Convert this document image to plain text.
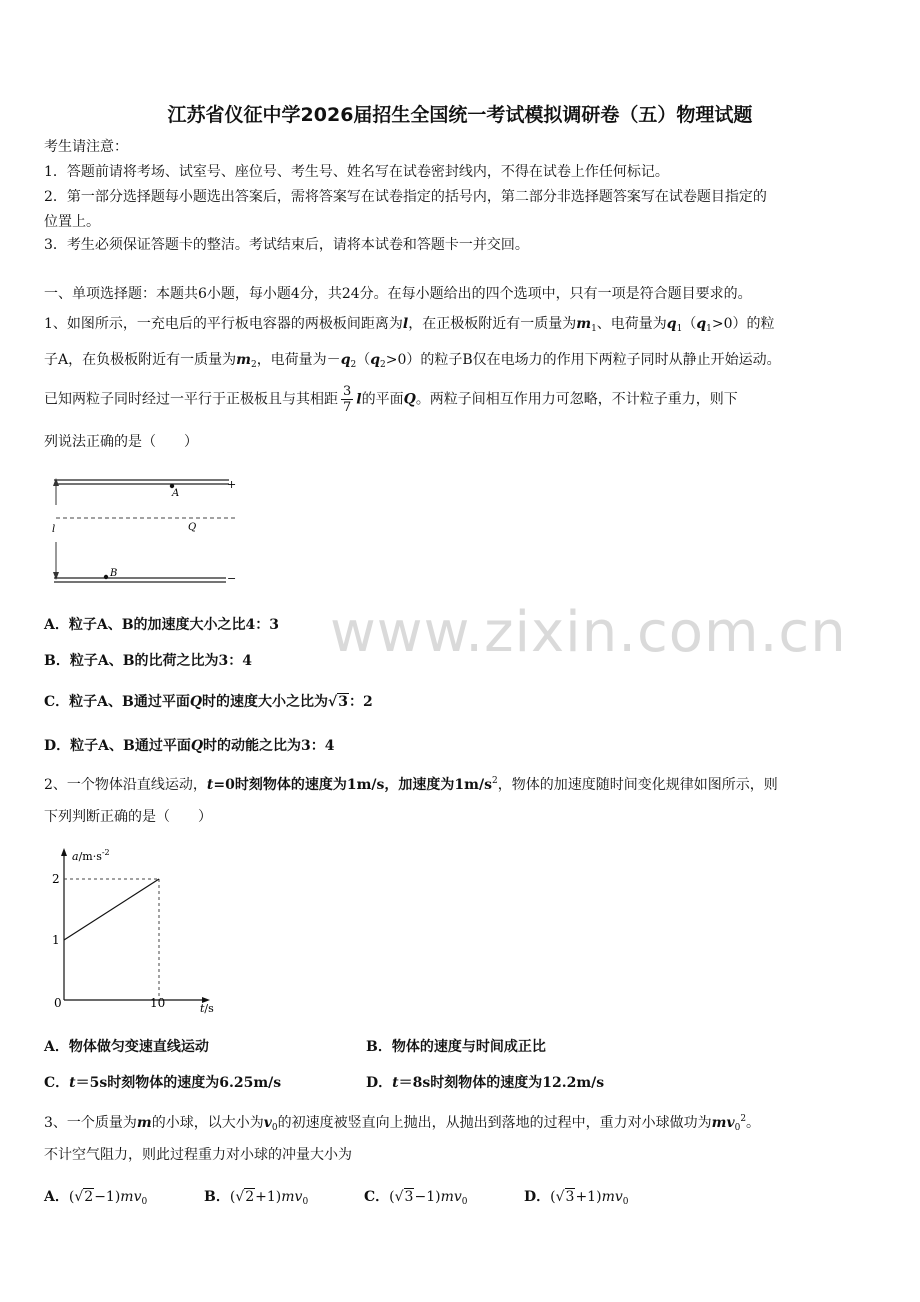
江苏省仪征中学2026届招生全国统一考试模拟调研卷（五）物理试题
考生请注意：
1．答题前请将考场、试室号、座位号、考生号、姓名写在试卷密封线内，不得在试卷上作任何标记。
2．第一部分选择题每小题选出答案后，需将答案写在试卷指定的括号内，第二部分非选择题答案写在试卷题目指定的
位置上。
3．考生必须保证答题卡的整洁。考试结束后，请将本试卷和答题卡一并交回。
一、单项选择题：本题共6小题，每小题4分，共24分。在每小题给出的四个选项中，只有一项是符合题目要求的。
1、如图所示，一充电后的平行板电容器的两极板间距离为l，在正极板附近有一质量为$m_1$、电荷量为$q_1(q_1>0)$的粒
子A，在负极板附近有一质量为$m_2$，电荷量为$-q_2(q_2>0)$的粒子B仅在电场力的作用下两粒子同时从静止开始运动。
已知两粒子同时经过一平行于正极板且与其相距 $\frac{3}{7}$ l的平面Q。两粒子间相互作用力可忽略，不计粒子重力，则下
列说法正确的是（　　）
+
l	Q
A
−
B
www.zixin.com.cn
A．粒子A、B的加速度大小之比4：3
B．粒子A、B的比荷之比为3：4
C．粒子A、B通过平面Q时的速度大小之比为√3：2
D．粒子A、B通过平面Q时的动能之比为3：4
2、一个物体沿直线运动，t=0时刻物体的速度为1m/s，加速度为$1m/s^2$，物体的加速度随时间变化规律如图所示，则
下列判断正确的是（　　）
$a/m\cdot s^{-2}$
t/s
2
1
0	10
A．物体做匀变速直线运动	B．物体的速度与时间成正比
C．t＝5s时刻物体的速度为6.25m/s	D．t＝8s时刻物体的速度为12.2m/s
3、一个质量为m的小球，以大小为$v_0$的初速度被竖直向上抛出，从抛出到落地的过程中，重力对小球做功为$mv_0^2$。
不计空气阻力，则此过程重力对小球的冲量大小为
A．$(√2-1)mv_0$	B．$(√2+1)mv_0$	C．$(√3-1)mv_0$	D．$(√3+1)mv_0$
